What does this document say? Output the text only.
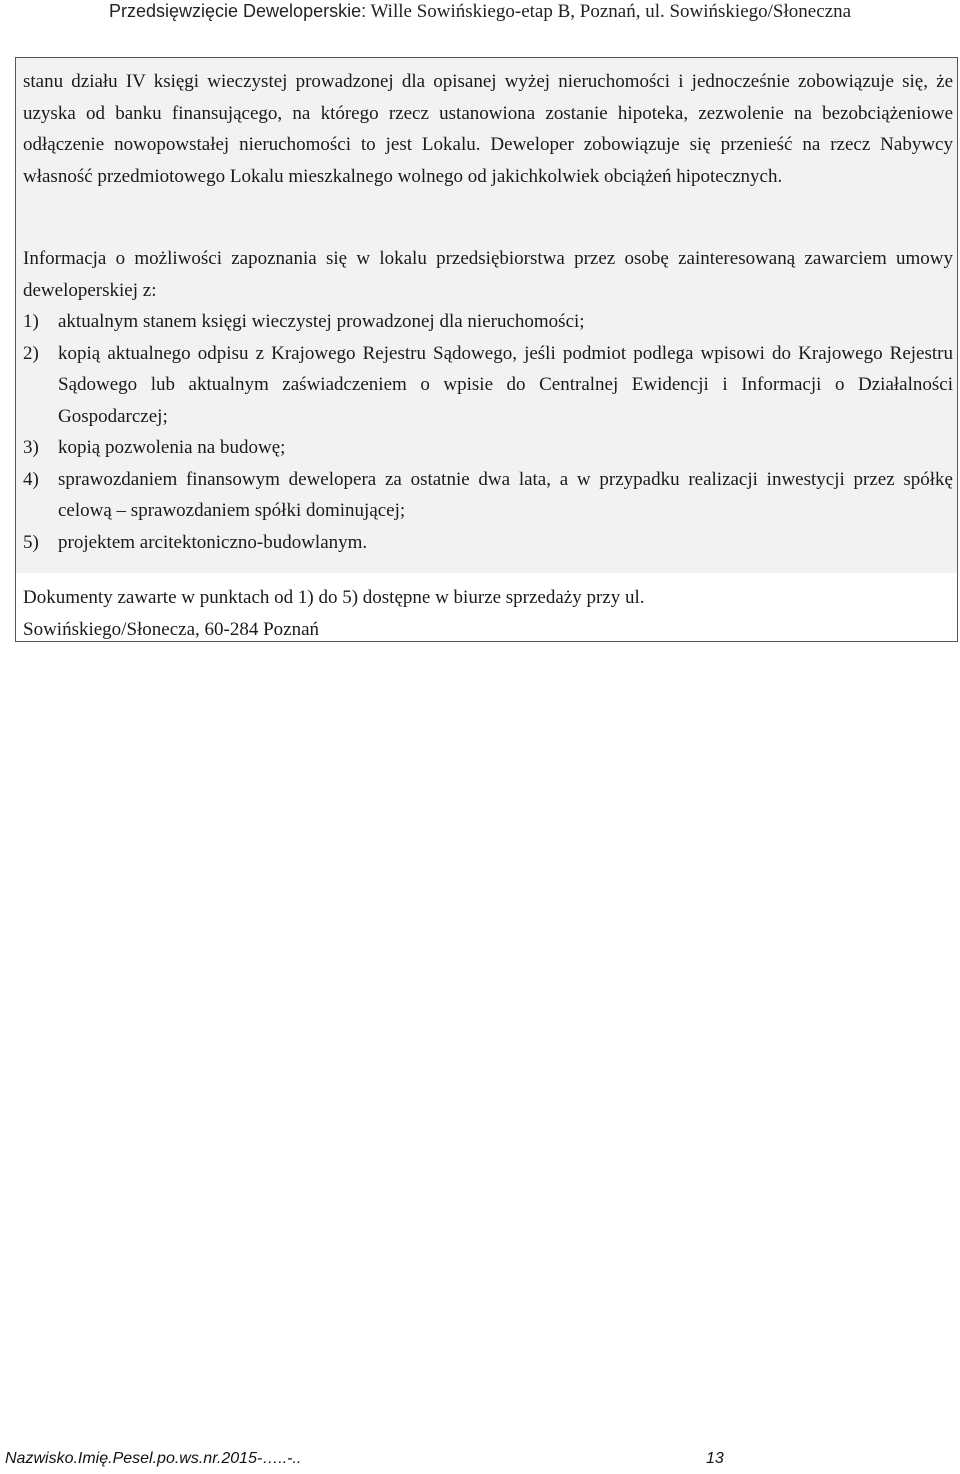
Przedsięwzięcie Deweloperskie: Wille Sowińskiego-etap B, Poznań, ul. Sowińskiego/Słoneczna
stanu działu IV księgi wieczystej prowadzonej dla opisanej wyżej nieruchomości i jednocześnie zobowiązuje się, że uzyska od banku finansującego, na którego rzecz ustanowiona zostanie hipoteka, zezwolenie na bezobciążeniowe odłączenie nowopowstałej nieruchomości to jest Lokalu. Deweloper zobowiązuje się przenieść na rzecz Nabywcy własność przedmiotowego Lokalu mieszkalnego wolnego od jakichkolwiek obciążeń hipotecznych.
Informacja o możliwości zapoznania się w lokalu przedsiębiorstwa przez osobę zainteresowaną zawarciem umowy deweloperskiej z:
1) aktualnym stanem księgi wieczystej prowadzonej dla nieruchomości;
2) kopią aktualnego odpisu z Krajowego Rejestru Sądowego, jeśli podmiot podlega wpisowi do Krajowego Rejestru Sądowego lub aktualnym zaświadczeniem o wpisie do Centralnej Ewidencji i Informacji o Działalności Gospodarczej;
3) kopią pozwolenia na budowę;
4) sprawozdaniem finansowym dewelopera za ostatnie dwa lata, a w przypadku realizacji inwestycji przez spółkę celową – sprawozdaniem spółki dominującej;
5) projektem arcitektoniczno-budowlanym.
Dokumenty zawarte w punktach od 1) do 5) dostępne w biurze sprzedaży przy ul.
Sowińskiego/Słonecza, 60-284 Poznań
Nazwisko.Imię.Pesel.po.ws.nr.2015-…..-..	13
